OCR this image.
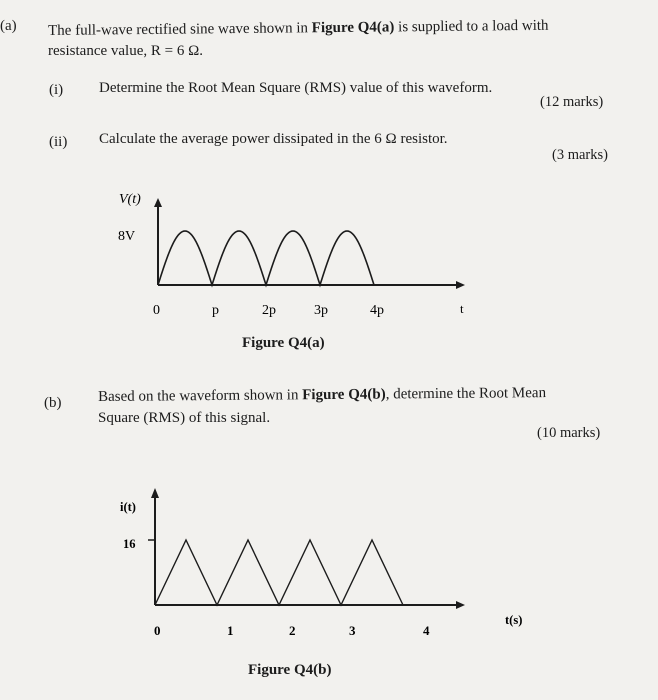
(a) The full-wave rectified sine wave shown in Figure Q4(a) is supplied to a load with
resistance value, R = 6 Ω.
(i) Determine the Root Mean Square (RMS) value of this waveform.
(12 marks)
(ii) Calculate the average power dissipated in the 6 Ω resistor.
(3 marks)
V(t)
8V
0	p	2p	3p	4p	t
i(t)
16
0	1	2	3	4
t(s)
Figure Q4(a)
(b) Based on the waveform shown in Figure Q4(b), determine the Root Mean
Square (RMS) of this signal.
(10 marks)
Figure Q4(b)
